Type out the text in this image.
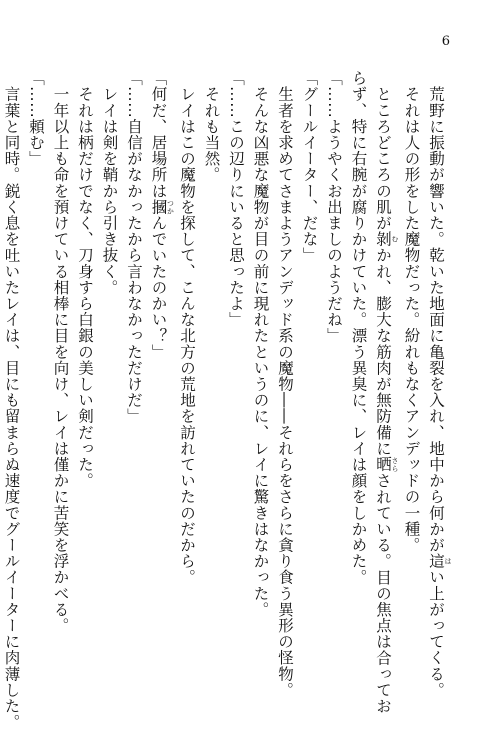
6
　荒野に振動が響いた。乾いた地面に亀裂を入れ、地中から何かが這 はい上がってくる。
　それは人の形をした魔物だった。紛れもなくアンデッドの一種。
　ところどころの肌が剝 むかれ、膨大な筋肉が無防備に晒 さらされている。目の焦点は合ってお
らず、特に右腕が腐りかけていた。漂う異臭に、レイは顔をしかめた。
「……ようやくお出ましのようだね」
「グールイーター、だな」
　生者を求めてさまようアンデッド系の魔物――それらをさらに貪り食う異形の怪物。
　そんな凶悪な魔物が目の前に現れたというのに、レイに驚きはなかった。
「……この辺りにいると思ったよ」
　それも当然。
　レイはこの魔物を探して、こんな北方の荒地を訪れていたのだから。
「何だ、居場所は摑 つかんでいたのかい？」
「……自信がなかったから言わなかっただけだ」
　レイは剣を鞘から引き抜く。
　それは柄だけでなく、刀身すら白銀の美しい剣だった。
　一年以上も命を預けている相棒に目を向け、レイは僅かに苦笑を浮かべる。
「……頼む」
　言葉と同時。鋭く息を吐いたレイは、目にも留まらぬ速度でグールイーターに肉薄した。
